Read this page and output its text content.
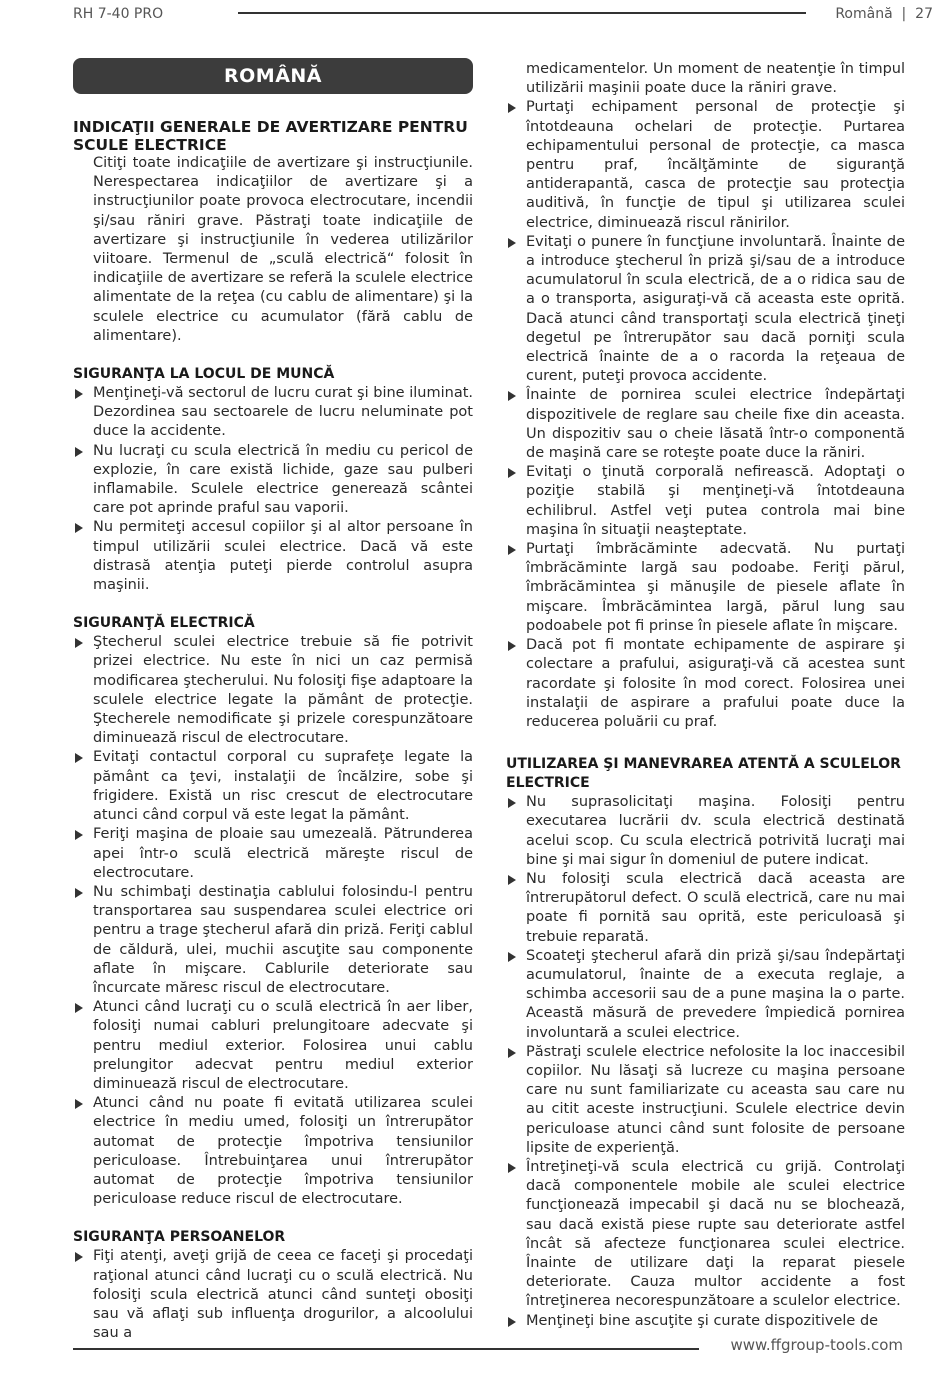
RH 7-40 PRO	Română  |  27
ROMÂNĂ
INDICAŢII GENERALE DE AVERTIZARE PENTRU SCULE ELECTRICE

Citiţi toate indicaţiile de avertizare şi instrucţiunile. Nerespectarea indicaţiilor de avertizare şi a instrucţiunilor poate provoca electrocutare, incendii şi/sau răniri grave. Păstraţi toate indicaţiile de avertizare şi instrucţiunile în vederea utilizărilor viitoare. Termenul de „sculă electrică“ folosit în indicaţiile de avertizare se referă la sculele electrice alimentate de la reţea (cu cablu de alimentare) şi la sculele electrice cu acumulator (fără cablu de alimentare).

SIGURANŢA LA LOCUL DE MUNCĂ
Menţineţi-vă sectorul de lucru curat şi bine iluminat. Dezordinea sau sectoarele de lucru neluminate pot duce la accidente.
Nu lucraţi cu scula electrică în mediu cu pericol de explozie, în care există lichide, gaze sau pulberi inflamabile. Sculele electrice generează scântei care pot aprinde praful sau vaporii.
Nu permiteţi accesul copiilor şi al altor persoane în timpul utilizării sculei electrice. Dacă vă este distrasă atenţia puteţi pierde controlul asupra maşinii.
SIGURANŢĂ ELECTRICĂ
Ştecherul sculei electrice trebuie să fie potrivit prizei electrice. Nu este în nici un caz permisă modificarea ştecherului. Nu folosiţi fişe adaptoare la sculele electrice legate la pământ de protecţie. Ştecherele nemodificate şi prizele corespunzătoare diminuează riscul de electrocutare.
Evitaţi contactul corporal cu suprafeţe legate la pământ ca ţevi, instalaţii de încălzire, sobe şi frigidere. Există un risc crescut de electrocutare atunci când corpul vă este legat la pământ.
Feriţi maşina de ploaie sau umezeală. Pătrunderea apei într-o sculă electrică măreşte riscul de electrocutare.
Nu schimbaţi destinaţia cablului folosindu-l pentru transportarea sau suspendarea sculei electrice ori pentru a trage ştecherul afară din priză. Feriţi cablul de căldură, ulei, muchii ascuţite sau componente aflate în mişcare. Cablurile deteriorate sau încurcate măresc riscul de electrocutare.
Atunci când lucraţi cu o sculă electrică în aer liber, folosiţi numai cabluri prelungitoare adecvate şi pentru mediul exterior. Folosirea unui cablu prelungitor adecvat pentru mediul exterior diminuează riscul de electrocutare.
Atunci când nu poate fi evitată utilizarea sculei electrice în mediu umed, folosiţi un întrerupător automat de protecţie împotriva tensiunilor periculoase. Întrebuinţarea unui întrerupător automat de protecţie împotriva tensiunilor periculoase reduce riscul de electrocutare.
SIGURANŢA PERSOANELOR
Fiţi atenţi, aveţi grijă de ceea ce faceţi şi procedaţi raţional atunci când lucraţi cu o sculă electrică. Nu folosiţi scula electrică atunci când sunteţi obosiţi sau vă aflaţi sub influenţa drogurilor, a alcoolului sau a

medicamentelor. Un moment de neatenţie în timpul utilizării maşinii poate duce la răniri grave.

Purtaţi echipament personal de protecţie şi întotdeauna ochelari de protecţie. Purtarea echipamentului personal de protecţie, ca masca pentru praf, încălţăminte de siguranţă antiderapantă, casca de protecţie sau protecţia auditivă, în funcţie de tipul şi utilizarea sculei electrice, diminuează riscul rănirilor.
Evitaţi o punere în funcţiune involuntară. Înainte de a introduce ştecherul în priză şi/sau de a introduce acumulatorul în scula electrică, de a o ridica sau de a o transporta, asiguraţi-vă că aceasta este oprită. Dacă atunci când transportaţi scula electrică ţineţi degetul pe întrerupător sau dacă porniţi scula electrică înainte de a o racorda la reţeaua de curent, puteţi provoca accidente.
Înainte de pornirea sculei electrice îndepărtaţi dispozitivele de reglare sau cheile fixe din aceasta. Un dispozitiv sau o cheie lăsată într-o componentă de maşină care se roteşte poate duce la răniri.
Evitaţi o ţinută corporală nefirească. Adoptaţi o poziţie stabilă şi menţineţi-vă întotdeauna echilibrul. Astfel veţi putea controla mai bine maşina în situaţii neaşteptate.
Purtaţi îmbrăcăminte adecvată. Nu purtaţi îmbrăcăminte largă sau podoabe. Feriţi părul, îmbrăcămintea şi mănuşile de piesele aflate în mişcare. Îmbrăcămintea largă, părul lung sau podoabele pot fi prinse în piesele aflate în mişcare.
Dacă pot fi montate echipamente de aspirare şi colectare a prafului, asiguraţi-vă că acestea sunt racordate şi folosite în mod corect. Folosirea unei instalaţii de aspirare a prafului poate duce la reducerea poluării cu praf.
UTILIZAREA ŞI MANEVRAREA ATENTĂ A SCULELOR ELECTRICE
Nu suprasolicitaţi maşina. Folosiţi pentru executarea lucrării dv. scula electrică destinată acelui scop. Cu scula electrică potrivită lucraţi mai bine şi mai sigur în domeniul de putere indicat.
Nu folosiţi scula electrică dacă aceasta are întrerupătorul defect. O sculă electrică, care nu mai poate fi pornită sau oprită, este periculoasă şi trebuie reparată.
Scoateţi ştecherul afară din priză şi/sau îndepărtaţi acumulatorul, înainte de a executa reglaje, a schimba accesorii sau de a pune maşina la o parte. Această măsură de prevedere împiedică pornirea involuntară a sculei electrice.
Păstraţi sculele electrice nefolosite la loc inaccesibil copiilor. Nu lăsaţi să lucreze cu maşina persoane care nu sunt familiarizate cu aceasta sau care nu au citit aceste instrucţiuni. Sculele electrice devin periculoase atunci când sunt folosite de persoane lipsite de experienţă.
Întreţineţi-vă scula electrică cu grijă. Controlaţi dacă componentele mobile ale sculei electrice funcţionează impecabil şi dacă nu se blochează, sau dacă există piese rupte sau deteriorate astfel încât să afecteze funcţionarea sculei electrice. Înainte de utilizare daţi la reparat piesele deteriorate. Cauza multor accidente a fost întreţinerea necorespunzătoare a sculelor electrice.
Menţineţi bine ascuţite şi curate dispozitivele de
www.ffgroup-tools.com
